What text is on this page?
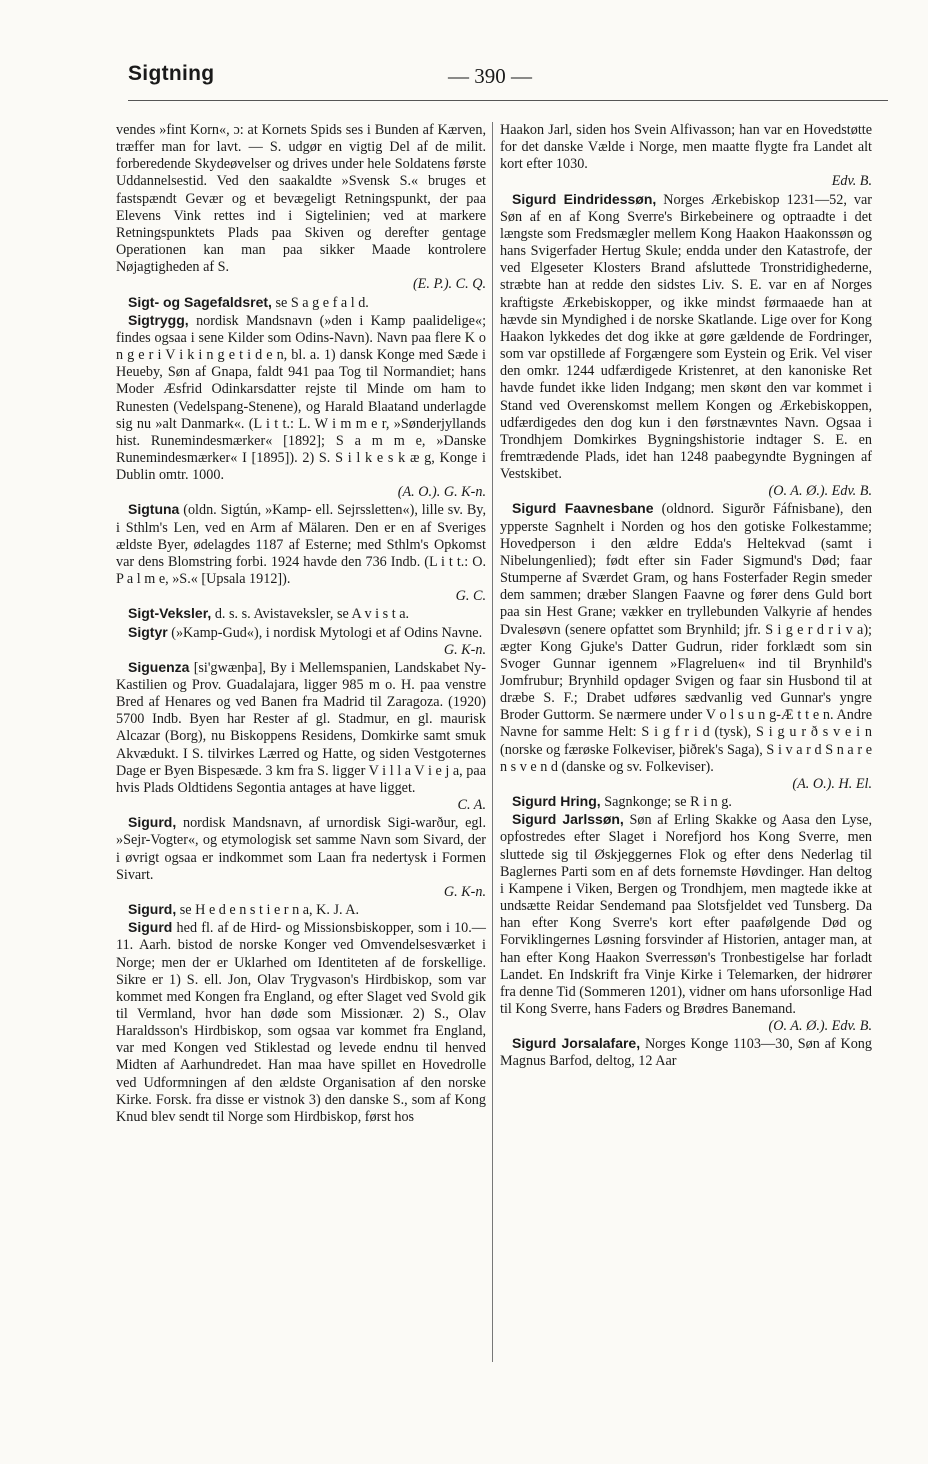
Sigtning	— 390 —

vendes »fint Korn«, ɔ: at Kornets Spids ses i Bunden af Kærven, træffer man for lavt. — S. udgør en vigtig Del af de milit. forberedende Skydeøvelser og drives under hele Soldatens første Uddannelsestid. Ved den saakaldte »Svensk S.« bruges et fastspændt Gevær og et bevægeligt Retningspunkt, der paa Elevens Vink rettes ind i Sigtelinien; ved at markere Retningspunktets Plads paa Skiven og derefter gentage Operationen kan man paa sikker Maade kontrolere Nøjagtigheden af S.
(E. P.). C. Q.

Sigt- og Sagefaldsret, se S a g e f a l d.

Sigtrygg, nordisk Mandsnavn (»den i Kamp paalidelige«; findes ogsaa i sene Kilder som Odins-Navn). Navn paa flere K o n g e r i V i k i n g e t i d e n, bl. a. 1) dansk Konge med Sæde i Heueby, Søn af Gnapa, faldt 941 paa Tog til Normandiet; hans Moder Æsfrid Odinkarsdatter rejste til Minde om ham to Runesten (Vedelspang-Stenene), og Harald Blaatand underlagde sig nu »alt Danmark«. (L i t t.: L. W i m m e r, »Sønderjyllands hist. Runemindesmærker« [1892]; S a m m e, »Danske Runemindesmærker« I [1895]). 2) S. S i l k e s k æ g, Konge i Dublin omtr. 1000.
(A. O.). G. K-n.

Sigtuna (oldn. Sigtún, »Kamp- ell. Sejrssletten«), lille sv. By, i Sthlm's Len, ved en Arm af Mälaren. Den er en af Sveriges ældste Byer, ødelagdes 1187 af Esterne; med Sthlm's Opkomst var dens Blomstring forbi. 1924 havde den 736 Indb. (L i t t.: O. P a l m e, »S.« [Upsala 1912]).
G. C.

Sigt-Veksler, d. s. s. Avistaveksler, se A v i s t a.

Sigtyr (»Kamp-Gud«), i nordisk Mytologi et af Odins Navne.
G. K-n.

Siguenza [si'gwænþa], By i Mellemspanien, Landskabet Ny-Kastilien og Prov. Guadalajara, ligger 985 m o. H. paa venstre Bred af Henares og ved Banen fra Madrid til Zaragoza. (1920) 5700 Indb. Byen har Rester af gl. Stadmur, en gl. maurisk Alcazar (Borg), nu Biskoppens Residens, Domkirke samt smuk Akvædukt. I S. tilvirkes Lærred og Hatte, og siden Vestgoternes Dage er Byen Bispesæde. 3 km fra S. ligger V i l l a V i e j a, paa hvis Plads Oldtidens Segontia antages at have ligget.
C. A.

Sigurd, nordisk Mandsnavn, af urnordisk Sigi-warður, egl. »Sejr-Vogter«, og etymologisk set samme Navn som Sivard, der i øvrigt ogsaa er indkommet som Laan fra nedertysk i Formen Sivart.
G. K-n.

Sigurd, se H e d e n s t i e r n a, K. J. A.

Sigurd hed fl. af de Hird- og Missionsbiskopper, som i 10.—11. Aarh. bistod de norske Konger ved Omvendelsesværket i Norge; men der er Uklarhed om Identiteten af de forskellige. Sikre er 1) S. ell. Jon, Olav Trygvason's Hirdbiskop, som var kommet med Kongen fra England, og efter Slaget ved Svold gik til Vermland, hvor han døde som Missionær. 2) S., Olav Haraldsson's Hirdbiskop, som ogsaa var kommet fra England, var med Kongen ved Stiklestad og levede endnu til henved Midten af Aarhundredet. Han maa have spillet en Hovedrolle ved Udformningen af den ældste Organisation af den norske Kirke. Forsk. fra disse er vistnok 3) den danske S., som af Kong Knud blev sendt til Norge som Hirdbiskop, først hos

Haakon Jarl, siden hos Svein Alfivasson; han var en Hovedstøtte for det danske Vælde i Norge, men maatte flygte fra Landet alt kort efter 1030.
Edv. B.

Sigurd Eindridessøn, Norges Ærkebiskop 1231—52, var Søn af en af Kong Sverre's Birkebeinere og optraadte i det længste som Fredsmægler mellem Kong Haakon Haakonssøn og hans Svigerfader Hertug Skule; endda under den Katastrofe, der ved Elgeseter Klosters Brand afsluttede Tronstridighederne, stræbte han at redde den sidstes Liv. S. E. var en af Norges kraftigste Ærkebiskopper, og ikke mindst førmaaede han at hævde sin Myndighed i de norske Skatlande. Lige over for Kong Haakon lykkedes det dog ikke at gøre gældende de Fordringer, som var opstillede af Forgængere som Eystein og Erik. Vel viser den omkr. 1244 udfærdigede Kristenret, at den kanoniske Ret havde fundet ikke liden Indgang; men skønt den var kommet i Stand ved Overenskomst mellem Kongen og Ærkebiskoppen, udfærdigedes den dog kun i den førstnævntes Navn. Ogsaa i Trondhjem Domkirkes Bygningshistorie indtager S. E. en fremtrædende Plads, idet han 1248 paabegyndte Bygningen af Vestskibet.
(O. A. Ø.). Edv. B.

Sigurd Faavnesbane (oldnord. Sigurðr Fáfnisbane), den ypperste Sagnhelt i Norden og hos den gotiske Folkestamme; Hovedperson i den ældre Edda's Heltekvad (samt i Nibelungenlied); født efter sin Fader Sigmund's Død; faar Stumperne af Sværdet Gram, og hans Fosterfader Regin smeder dem sammen; dræber Slangen Faavne og fører dens Guld bort paa sin Hest Grane; vækker en tryllebunden Valkyrie af hendes Dvalesøvn (senere opfattet som Brynhild; jfr. S i g e r d r i v a); ægter Kong Gjuke's Datter Gudrun, rider forklædt som sin Svoger Gunnar igennem »Flagreluen« ind til Brynhild's Jomfrubur; Brynhild opdager Svigen og faar sin Husbond til at dræbe S. F.; Drabet udføres sædvanlig ved Gunnar's yngre Broder Guttorm. Se nærmere under V o l s u n g-Æ t t e n. Andre Navne for samme Helt: S i g f r i d (tysk), S i g u r ð s v e i n (norske og færøske Folkeviser, þiðrek's Saga), S i v a r d S n a r e n s v e n d (danske og sv. Folkeviser).
(A. O.). H. El.

Sigurd Hring, Sagnkonge; se R i n g.

Sigurd Jarlssøn, Søn af Erling Skakke og Aasa den Lyse, opfostredes efter Slaget i Norefjord hos Kong Sverre, men sluttede sig til Øskjeggernes Flok og efter dens Nederlag til Baglernes Parti som en af dets fornemste Høvdinger. Han deltog i Kampene i Viken, Bergen og Trondhjem, men magtede ikke at undsætte Reidar Sendemand paa Slotsfjeldet ved Tunsberg. Da han efter Kong Sverre's kort efter paafølgende Død og Forviklingernes Løsning forsvinder af Historien, antager man, at han efter Kong Haakon Sverressøn's Tronbestigelse har forladt Landet. En Indskrift fra Vinje Kirke i Telemarken, der hidrører fra denne Tid (Sommeren 1201), vidner om hans uforsonlige Had til Kong Sverre, hans Faders og Brødres Banemand.
(O. A. Ø.). Edv. B.

Sigurd Jorsalafare, Norges Konge 1103—30, Søn af Kong Magnus Barfod, deltog, 12 Aar
